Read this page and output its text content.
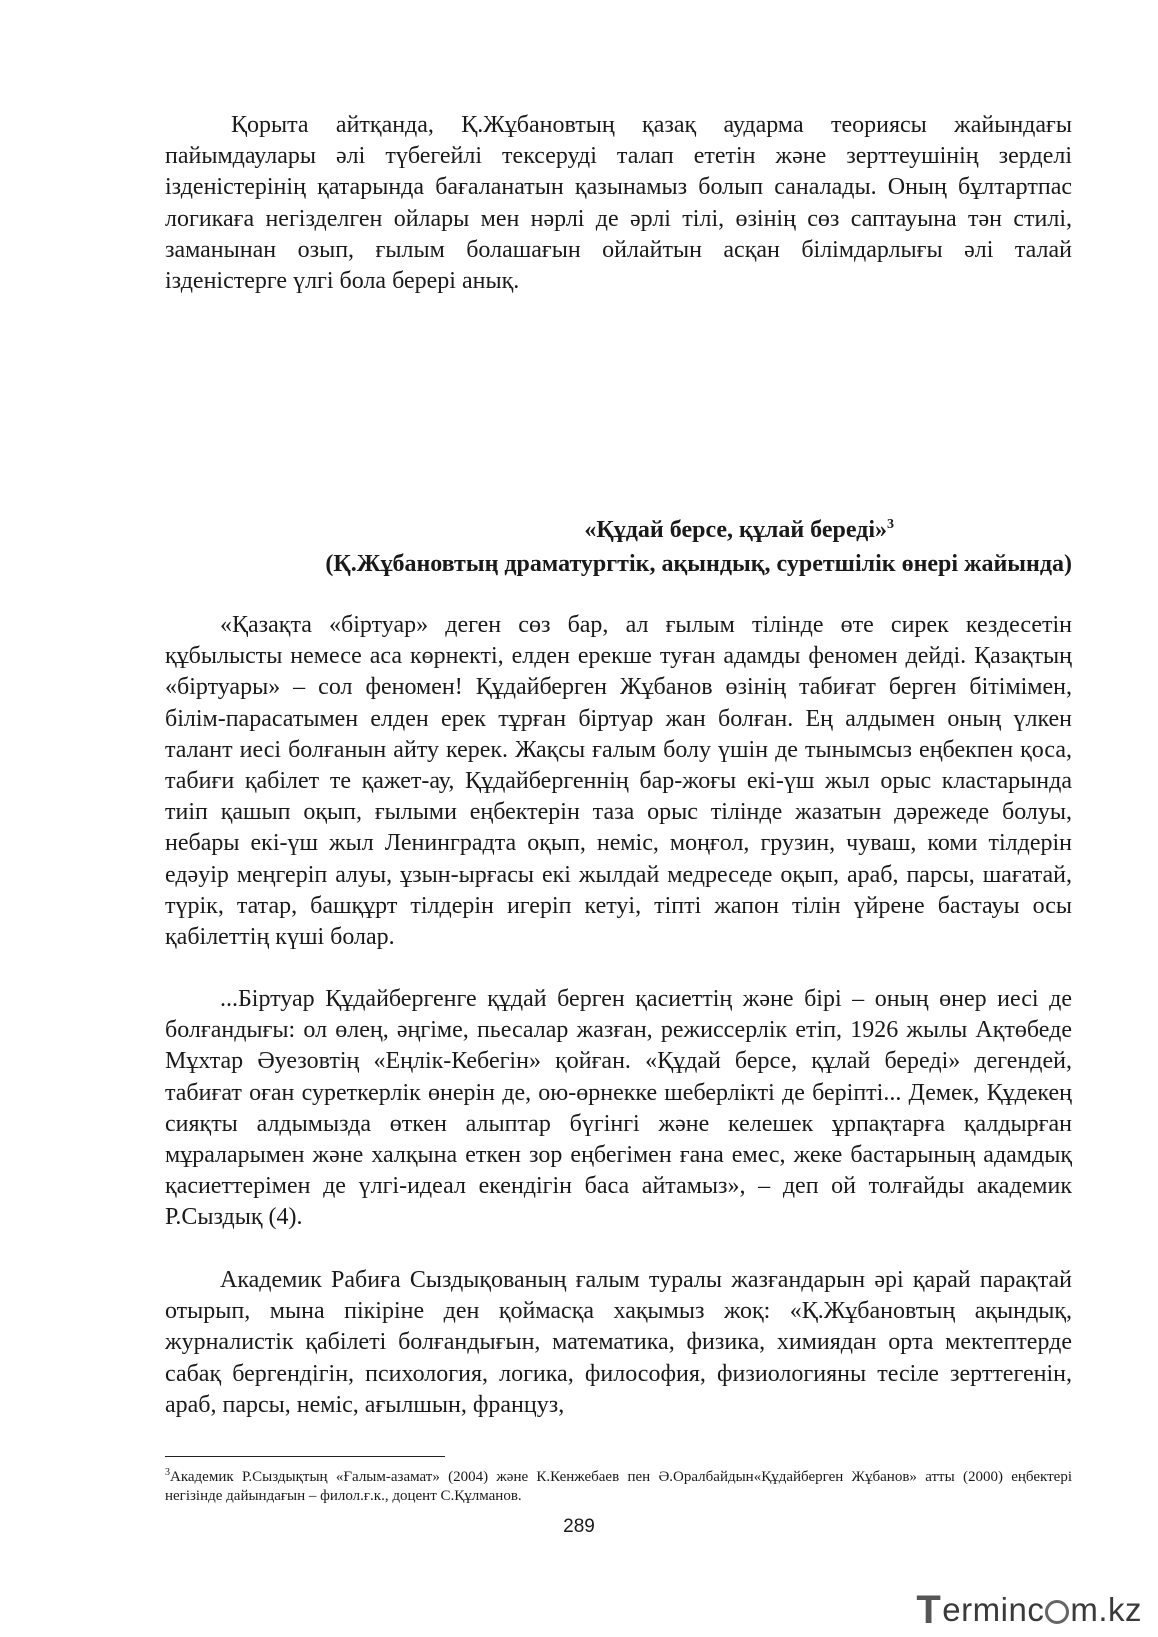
Қорыта айтқанда, Қ.Жұбановтың қазақ аударма теориясы жайындағы пайымдаулары әлі түбегейлі тексеруді талап ететін және зерттеушінің зерделі ізденістерінің қатарында бағаланатын қазынамыз болып саналады. Оның бұлтартпас логикаға негізделген ойлары мен нәрлі де әрлі тілі, өзінің сөз саптауына тән стилі, заманынан озып, ғылым болашағын ойлайтын асқан білімдарлығы әлі талай ізденістерге үлгі бола берері анық.

«Құдай берсе, құлай береді»$^3$
(Қ.Жұбановтың драматургтік, ақындық, суретшілік өнері жайында)

«Қазақта «біртуар» деген сөз бар, ал ғылым тілінде өте сирек кездесетін құбылысты немесе аса көрнекті, елден ерекше туған адамды феномен дейді. Қазақтың «біртуары» – сол феномен! Құдайберген Жұбанов өзінің табиғат берген бітімімен, білім-парасатымен елден ерек тұрған біртуар жан болған. Ең алдымен оның үлкен талант иесі болғанын айту керек. Жақсы ғалым болу үшін де тынымсыз еңбекпен қоса, табиғи қабілет те қажет-ау, Құдайбергеннің бар-жоғы екі-үш жыл орыс кластарында тиіп қашып оқып, ғылыми еңбектерін таза орыс тілінде жазатын дәрежеде болуы, небары екі-үш жыл Ленинградта оқып, неміс, моңғол, грузин, чуваш, коми тілдерін едәуір меңгеріп алуы, ұзын-ырғасы екі жылдай медреседе оқып, араб, парсы, шағатай, түрік, татар, башқұрт тілдерін игеріп кетуі, тіпті жапон тілін үйрене бастауы осы қабілеттің күші болар.

...Біртуар Құдайбергенге құдай берген қасиеттің және бірі – оның өнер иесі де болғандығы: ол өлең, әңгіме, пьесалар жазған, режиссерлік етіп, 1926 жылы Ақтөбеде Мұхтар Әуезовтің «Еңлік-Кебегін» қойған. «Құдай берсе, құлай береді» дегендей, табиғат оған суреткерлік өнерін де, ою-өрнекке шеберлікті де беріпті... Демек, Құдекең сияқты алдымызда өткен алыптар бүгінгі және келешек ұрпақтарға қалдырған мұраларымен және халқына еткен зор еңбегімен ғана емес, жеке бастарының адамдық қасиеттерімен де үлгі-идеал екендігін баса айтамыз», – деп ой толғайды академик Р.Сыздық (4).

Академик Рабиға Сыздықованың ғалым туралы жазғандарын әрі қарай парақтай отырып, мына пікіріне ден қоймасқа хақымыз жоқ: «Қ.Жұбановтың ақындық, журналистік қабілеті болғандығын, математика, физика, химиядан орта мектептерде сабақ бергендігін, психология, логика, философия, физиологияны тесіле зерттегенін, араб, парсы, неміс, ағылшын, француз,

$^3$Академик Р.Сыздықтың «Ғалым-азамат» (2004) және К.Кенжебаев пен Ә.Оралбайдын«Құдайберген Жұбанов» атты (2000) еңбектері негізінде дайындағын – филол.ғ.к., доцент С.Құлманов.

289
T erminc m.kz
